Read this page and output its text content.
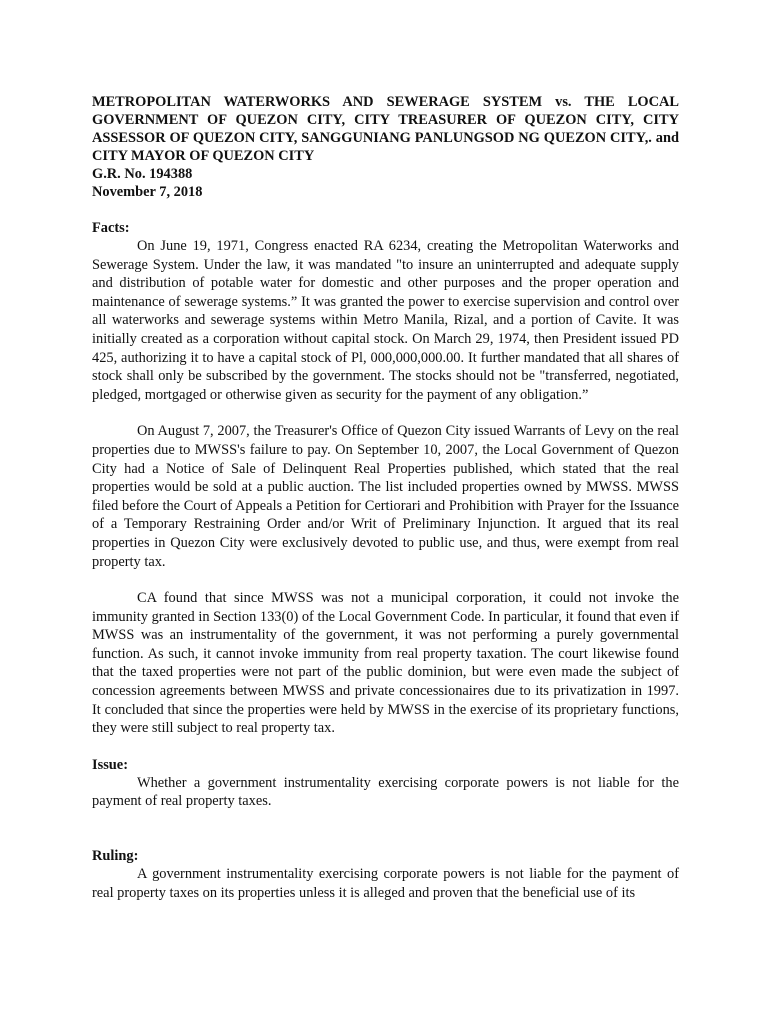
METROPOLITAN WATERWORKS AND SEWERAGE SYSTEM vs. THE LOCAL GOVERNMENT OF QUEZON CITY, CITY TREASURER OF QUEZON CITY, CITY ASSESSOR OF QUEZON CITY, SANGGUNIANG PANLUNGSOD NG QUEZON CITY,. and CITY MAYOR OF QUEZON CITY
G.R. No. 194388
November 7, 2018
Facts:

On June 19, 1971, Congress enacted RA 6234, creating the Metropolitan Waterworks and Sewerage System. Under the law, it was mandated "to insure an uninterrupted and adequate supply and distribution of potable water for domestic and other purposes and the proper operation and maintenance of sewerage systems.” It was granted the power to exercise supervision and control over all waterworks and sewerage systems within Metro Manila, Rizal, and a portion of Cavite. It was initially created as a corporation without capital stock. On March 29, 1974, then President issued PD 425, authorizing it to have a capital stock of Pl, 000,000,000.00. It further mandated that all shares of stock shall only be subscribed by the government. The stocks should not be "transferred, negotiated, pledged, mortgaged or otherwise given as security for the payment of any obligation.”

On August 7, 2007, the Treasurer's Office of Quezon City issued Warrants of Levy on the real properties due to MWSS's failure to pay. On September 10, 2007, the Local Government of Quezon City had a Notice of Sale of Delinquent Real Properties published, which stated that the real properties would be sold at a public auction. The list included properties owned by MWSS. MWSS filed before the Court of Appeals a Petition for Certiorari and Prohibition with Prayer for the Issuance of a Temporary Restraining Order and/or Writ of Preliminary Injunction. It argued that its real properties in Quezon City were exclusively devoted to public use, and thus, were exempt from real property tax.

CA found that since MWSS was not a municipal corporation, it could not invoke the immunity granted in Section 133(0) of the Local Government Code. In particular, it found that even if MWSS was an instrumentality of the government, it was not performing a purely governmental function. As such, it cannot invoke immunity from real property taxation. The court likewise found that the taxed properties were not part of the public dominion, but were even made the subject of concession agreements between MWSS and private concessionaires due to its privatization in 1997. It concluded that since the properties were held by MWSS in the exercise of its proprietary functions, they were still subject to real property tax.

Issue:

Whether a government instrumentality exercising corporate powers is not liable for the payment of real property taxes.

Ruling:

A government instrumentality exercising corporate powers is not liable for the payment of real property taxes on its properties unless it is alleged and proven that the beneficial use of its
